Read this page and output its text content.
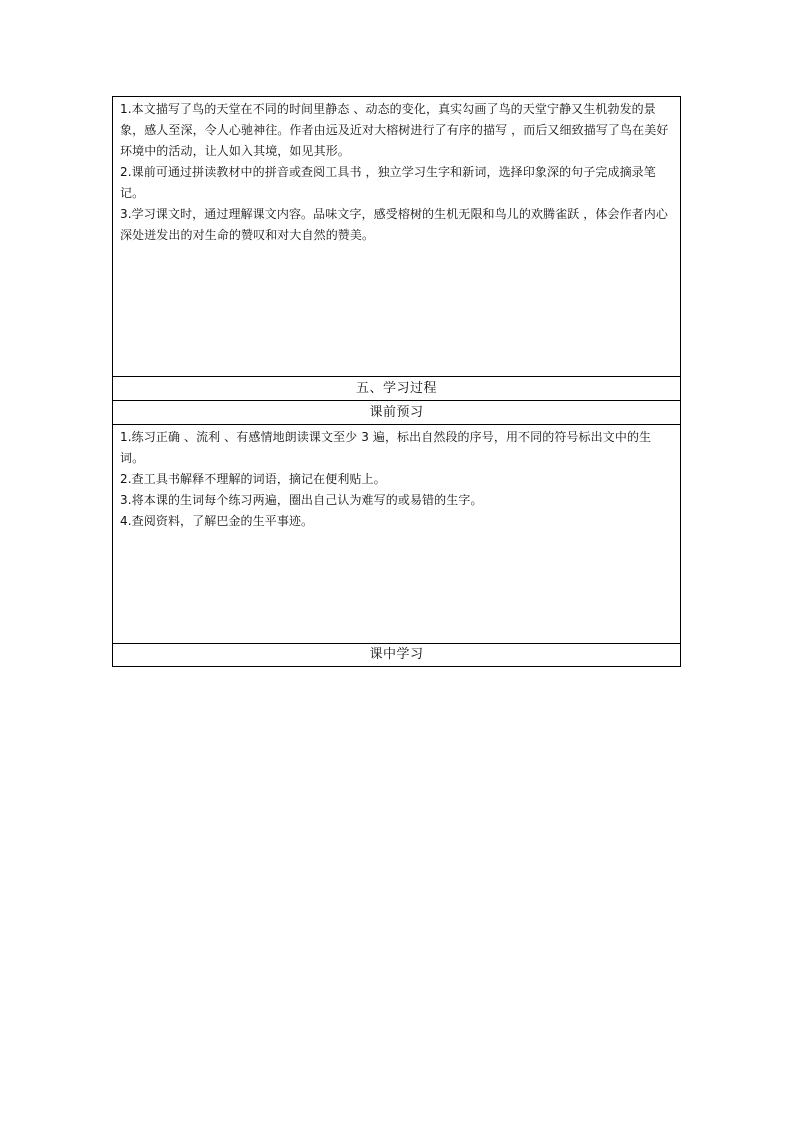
1.本文描写了鸟的天堂在不同的时间里静态 、动态的变化，真实勾画了鸟的天堂宁静又生机勃发的景象，感人至深，令人心驰神往。作者由远及近对大榕树进行了有序的描写 ，而后又细致描写了鸟在美好环境中的活动，让人如入其境，如见其形。

2.课前可通过拼读教材中的拼音或查阅工具书 ，独立学习生字和新词，选择印象深的句子完成摘录笔记。

3.学习课文时，通过理解课文内容。品味文字，感受榕树的生机无限和鸟儿的欢腾雀跃 ，体会作者内心深处迸发出的对生命的赞叹和对大自然的赞美。

五、学习过程
课前预习

1.练习正确 、流利 、有感情地朗读课文至少 3 遍，标出自然段的序号，用不同的符号标出文中的生词。

2.查工具书解释不理解的词语，摘记在便利贴上。

3.将本课的生词每个练习两遍，圈出自己认为难写的或易错的生字。

4.查阅资料，了解巴金的生平事迹。

课中学习
